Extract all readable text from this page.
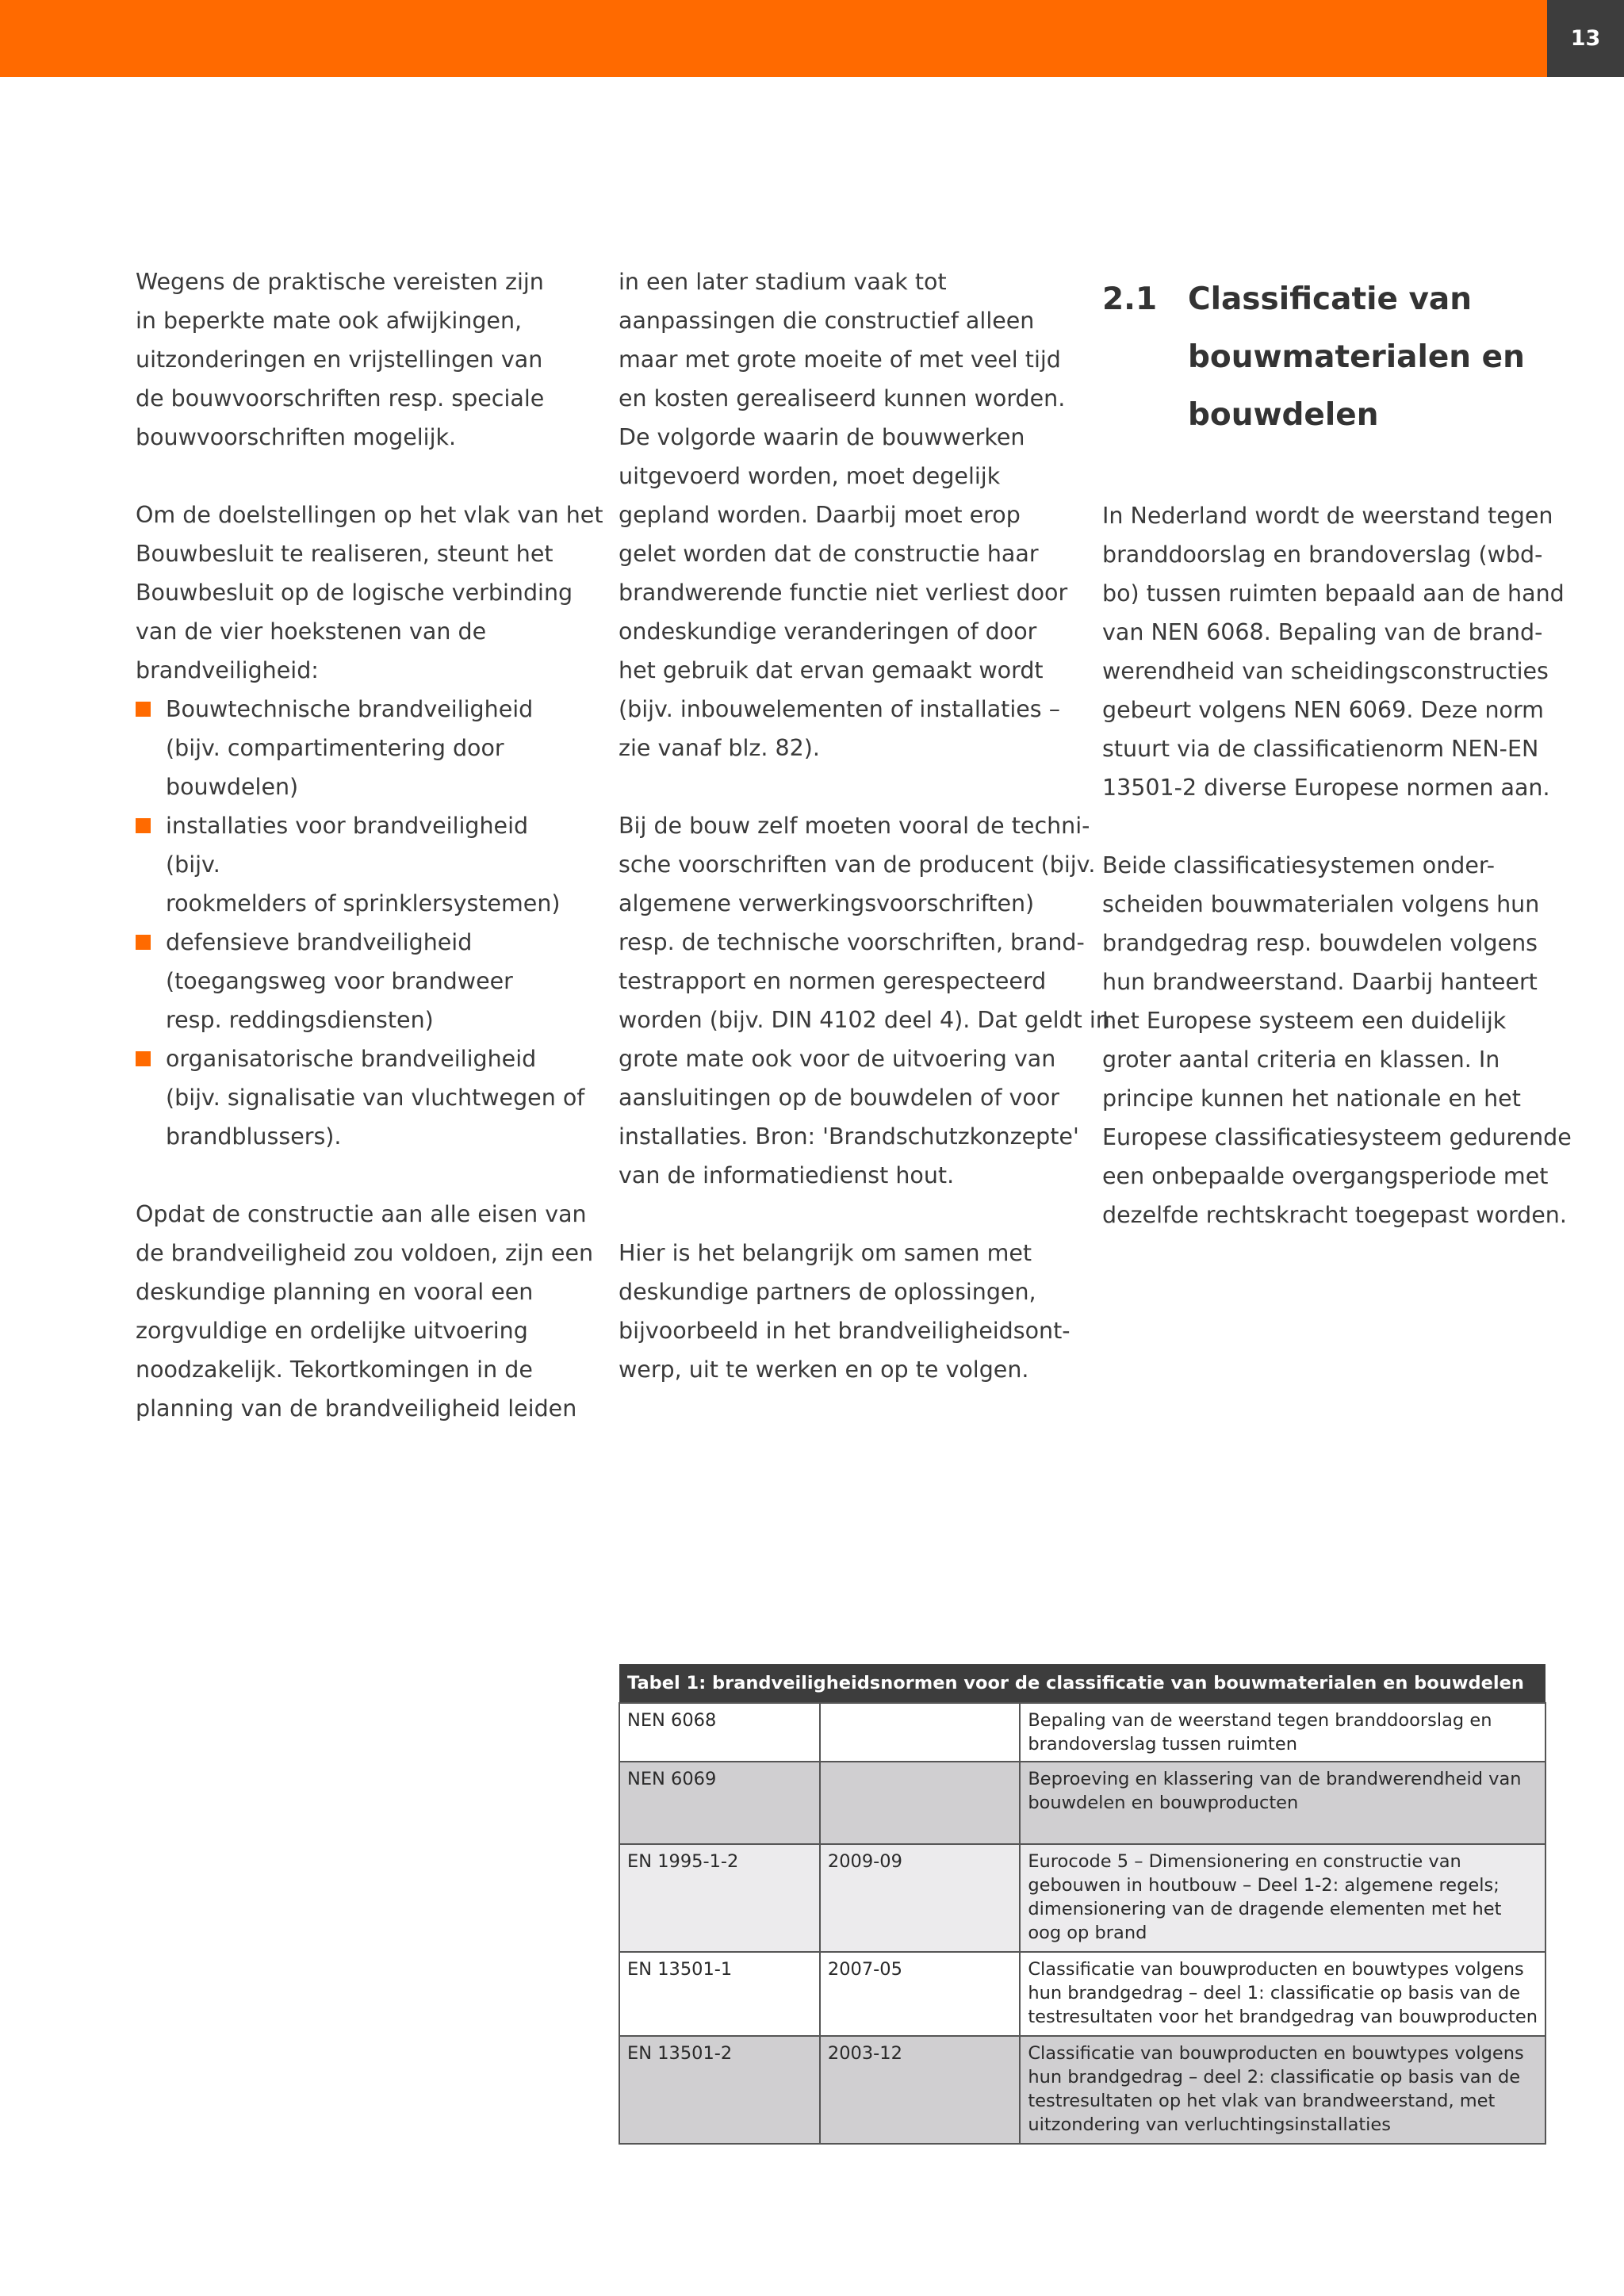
13

Wegens de praktische vereisten zijn
in beperkte mate ook afwijkingen,
uitzonderingen en vrijstellingen van
de bouwvoorschriften resp. speciale
bouwvoorschriften mogelijk.

Om de doelstellingen op het vlak van het
Bouwbesluit te realiseren, steunt het
Bouwbesluit op de logische verbinding
van de vier hoekstenen van de
brandveiligheid:

Bouwtechnische brandveiligheid
(bijv. compartimentering door
bouwdelen)
installaties voor brandveiligheid (bijv.
rookmelders of sprinklersystemen)
defensieve brandveiligheid
(toegangsweg voor brandweer
resp. reddingsdiensten)
organisatorische brandveiligheid
(bijv. signalisatie van vluchtwegen of
brandblussers).

Opdat de constructie aan alle eisen van
de brandveiligheid zou voldoen, zijn een
deskundige planning en vooral een
zorgvuldige en ordelijke uitvoering
noodzakelijk. Tekortkomingen in de
planning van de brandveiligheid leiden

in een later stadium vaak tot
aanpassingen die constructief alleen
maar met grote moeite of met veel tijd
en kosten gerealiseerd kunnen worden.
De volgorde waarin de bouwwerken
uitgevoerd worden, moet degelijk
gepland worden. Daarbij moet erop
gelet worden dat de constructie haar
brandwerende functie niet verliest door
ondeskundige veranderingen of door
het gebruik dat ervan gemaakt wordt
(bijv. inbouwelementen of installaties –
zie vanaf blz. 82).

Bij de bouw zelf moeten vooral de techni-
sche voorschriften van de producent (bijv.
algemene verwerkingsvoorschriften)
resp. de technische voorschriften, brand-
testrapport en normen gerespecteerd
worden (bijv. DIN 4102 deel 4). Dat geldt in
grote mate ook voor de uitvoering van
aansluitingen op de bouwdelen of voor
installaties. Bron: 'Brandschutzkonzepte'
van de informatiedienst hout.

Hier is het belangrijk om samen met
deskundige partners de oplossingen,
bijvoorbeeld in het brandveiligheidsont-
werp, uit te werken en op te volgen.

2.1 Classificatie van
bouwmaterialen en
bouwdelen

In Nederland wordt de weerstand tegen
branddoorslag en brandoverslag (wbd-
bo) tussen ruimten bepaald aan de hand
van NEN 6068. Bepaling van de brand-
werendheid van scheidingsconstructies
gebeurt volgens NEN 6069. Deze norm
stuurt via de classificatienorm NEN-EN
13501-2 diverse Europese normen aan.

Beide classificatiesystemen onder-
scheiden bouwmaterialen volgens hun
brandgedrag resp. bouwdelen volgens
hun brandweerstand. Daarbij hanteert
het Europese systeem een duidelijk
groter aantal criteria en klassen. In
principe kunnen het nationale en het
Europese classificatiesysteem gedurende
een onbepaalde overgangsperiode met
dezelfde rechtskracht toegepast worden.

Tabel 1: brandveiligheidsnormen voor de classificatie van bouwmaterialen en bouwdelen		

NEN 6068		Bepaling van de weerstand tegen branddoorslag en
brandoverslag tussen ruimten

NEN 6069		Beproeving en klassering van de brandwerendheid van
bouwdelen en bouwproducten

EN 1995-1-2	2009-09	Eurocode 5 – Dimensionering en constructie van
gebouwen in houtbouw – Deel 1-2: algemene regels;
dimensionering van de dragende elementen met het
oog op brand

EN 13501-1	2007-05	Classificatie van bouwproducten en bouwtypes volgens
hun brandgedrag – deel 1: classificatie op basis van de
testresultaten voor het brandgedrag van bouwproducten

EN 13501-2	2003-12	Classificatie van bouwproducten en bouwtypes volgens
hun brandgedrag – deel 2: classificatie op basis van de
testresultaten op het vlak van brandweerstand, met
uitzondering van verluchtingsinstallaties
